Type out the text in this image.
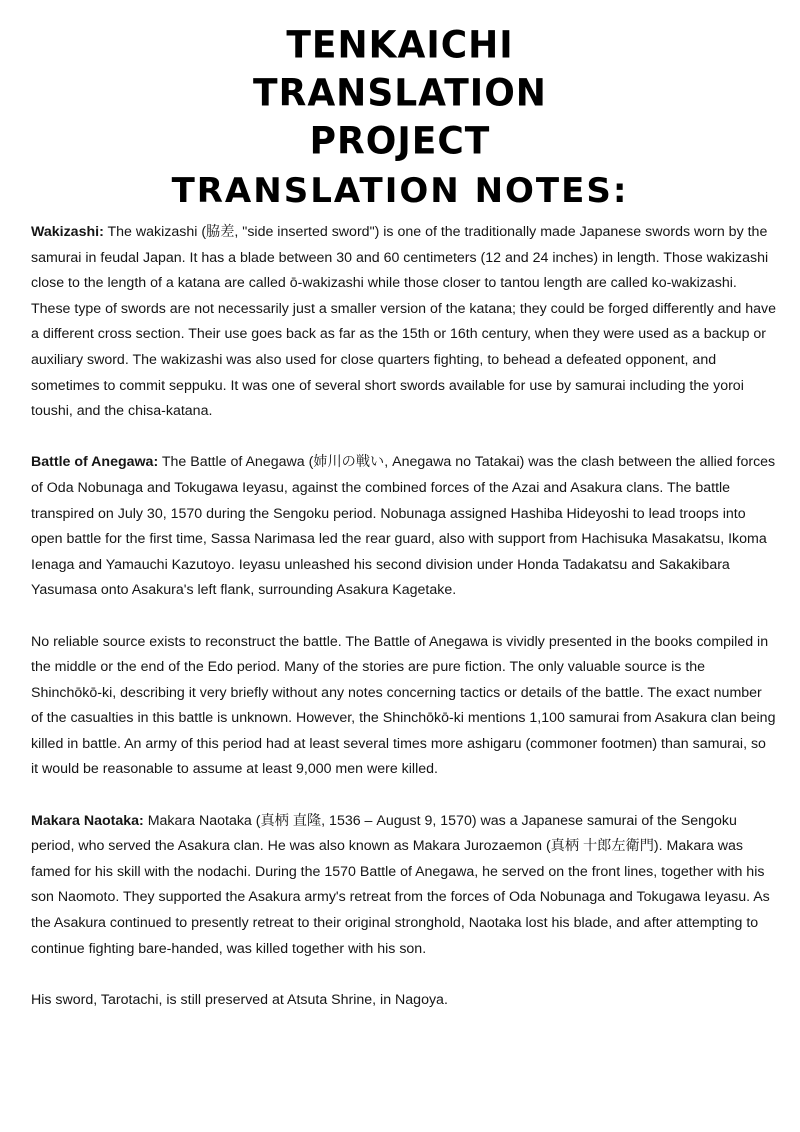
TENKAICHI
TRANSLATION
PROJECT
TRANSLATION NOTES:

Wakizashi: The wakizashi (脇差, "side inserted sword") is one of the traditionally made Japanese swords worn by the samurai in feudal Japan. It has a blade between 30 and 60 centimeters (12 and 24 inches) in length. Those wakizashi close to the length of a katana are called ō-wakizashi while those closer to tantou length are called ko-wakizashi. These type of swords are not necessarily just a smaller version of the katana; they could be forged differently and have a different cross section. Their use goes back as far as the 15th or 16th century, when they were used as a backup or auxiliary sword. The wakizashi was also used for close quarters fighting, to behead a defeated opponent, and sometimes to commit seppuku. It was one of several short swords available for use by samurai including the yoroi toushi, and the chisa-katana.

Battle of Anegawa: The Battle of Anegawa (姉川の戦い, Anegawa no Tatakai) was the clash between the allied forces of Oda Nobunaga and Tokugawa Ieyasu, against the combined forces of the Azai and Asakura clans. The battle transpired on July 30, 1570 during the Sengoku period. Nobunaga assigned Hashiba Hideyoshi to lead troops into open battle for the first time, Sassa Narimasa led the rear guard, also with support from Hachisuka Masakatsu, Ikoma Ienaga and Yamauchi Kazutoyo. Ieyasu unleashed his second division under Honda Tadakatsu and Sakakibara Yasumasa onto Asakura's left flank, surrounding Asakura Kagetake.

No reliable source exists to reconstruct the battle. The Battle of Anegawa is vividly presented in the books compiled in the middle or the end of the Edo period. Many of the stories are pure fiction. The only valuable source is the Shinchōkō-ki, describing it very briefly without any notes concerning tactics or details of the battle. The exact number of the casualties in this battle is unknown. However, the Shinchōkō-ki mentions 1,100 samurai from Asakura clan being killed in battle. An army of this period had at least several times more ashigaru (commoner footmen) than samurai, so it would be reasonable to assume at least 9,000 men were killed.

Makara Naotaka: Makara Naotaka (真柄 直隆, 1536 – August 9, 1570) was a Japanese samurai of the Sengoku period, who served the Asakura clan. He was also known as Makara Jurozaemon (真柄 十郎左衛門). Makara was famed for his skill with the nodachi. During the 1570 Battle of Anegawa, he served on the front lines, together with his son Naomoto. They supported the Asakura army's retreat from the forces of Oda Nobunaga and Tokugawa Ieyasu. As the Asakura continued to presently retreat to their original stronghold, Naotaka lost his blade, and after attempting to continue fighting bare-handed, was killed together with his son.

His sword, Tarotachi, is still preserved at Atsuta Shrine, in Nagoya.
